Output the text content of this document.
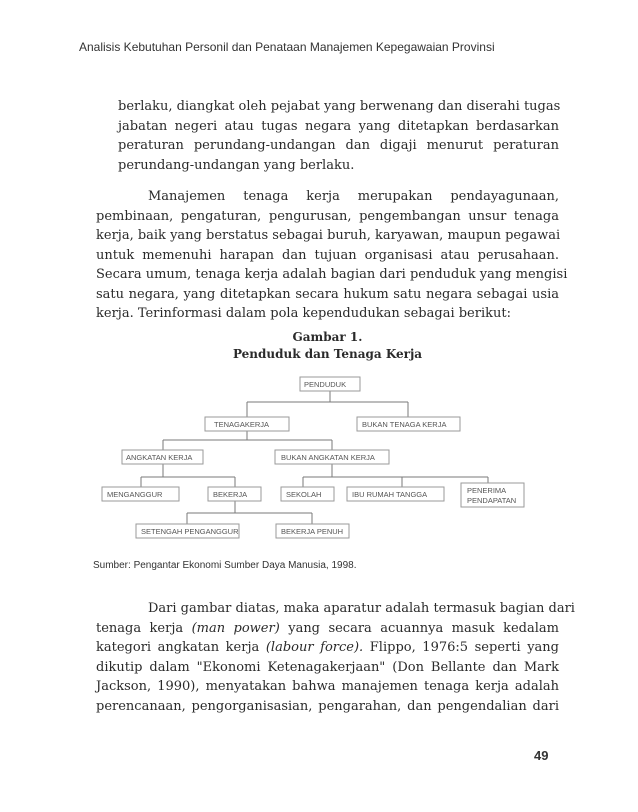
Analisis Kebutuhan Personil dan Penataan Manajemen Kepegawaian Provinsi
berlaku, diangkat oleh pejabat yang berwenang dan diserahi tugas
jabatan negeri atau tugas negara yang ditetapkan berdasarkan
peraturan perundang-undangan dan digaji menurut peraturan
perundang-undangan yang berlaku.
Manajemen tenaga kerja merupakan pendayagunaan,
pembinaan, pengaturan, pengurusan, pengembangan unsur tenaga
kerja, baik yang berstatus sebagai buruh, karyawan, maupun pegawai
untuk memenuhi harapan dan tujuan organisasi atau perusahaan.
Secara umum, tenaga kerja adalah bagian dari penduduk yang mengisi
satu negara, yang ditetapkan secara hukum satu negara sebagai usia
kerja. Terinformasi dalam pola kependudukan sebagai berikut:
Gambar 1.
Penduduk dan Tenaga Kerja
PENDUDUK
TENAGAKERJA	BUKAN TENAGA KERJA
ANGKATAN KERJA	BUKAN ANGKATAN KERJA
MENGANGGUR	BEKERJA	SEKOLAH	IBU RUMAH TANGGA	PENERIMA
PENDAPATAN
SETENGAH PENGANGGUR	BEKERJA PENUH
Sumber: Pengantar Ekonomi Sumber Daya Manusia, 1998.
Dari gambar diatas, maka aparatur adalah termasuk bagian dari
tenaga kerja (man power) yang secara acuannya masuk kedalam
kategori angkatan kerja (labour force). Flippo, 1976:5 seperti yang
dikutip dalam "Ekonomi Ketenagakerjaan" (Don Bellante dan Mark
Jackson, 1990), menyatakan bahwa manajemen tenaga kerja adalah
perencanaan, pengorganisasian, pengarahan, dan pengendalian dari
49
